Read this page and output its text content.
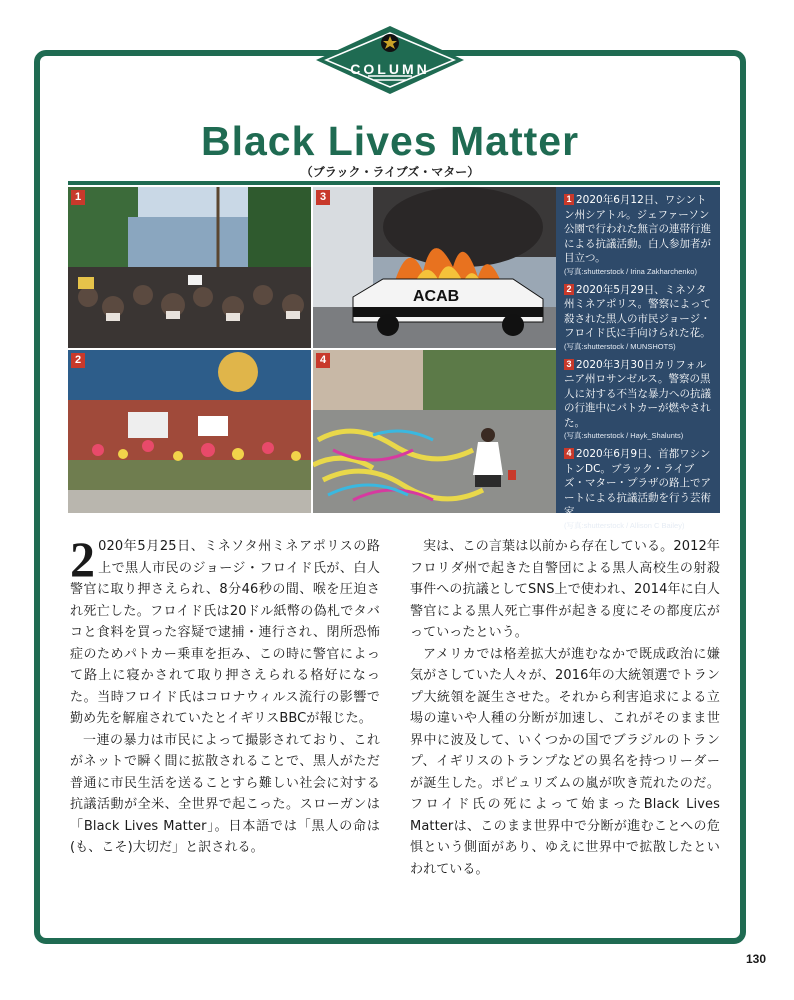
COLUMN
Black Lives Matter
（ブラック・ライブズ・マター）
1
2
ACAB
3
4
1 2020年6月12日、ワシントン州シアトル。ジェファーソン公園で行われた無言の連帯行進による抗議活動。白人参加者が目立つ。
(写真:shutterstock / Irina Zakharchenko)
2 2020年5月29日、ミネソタ州ミネアポリス。警察によって殺された黒人の市民ジョージ・フロイド氏に手向けられた花。
(写真:shutterstock / MUNSHOTS)
3 2020年3月30日カリフォルニア州ロサンゼルス。警察の黒人に対する不当な暴力への抗議の行進中にパトカーが燃やされた。
(写真:shutterstock / Hayk_Shalunts)
4 2020年6月9日、首都ワシントンDC。ブラック・ライブズ・マター・プラザの路上でアートによる抗議活動を行う芸術家。
(写真:shutterstock / Allison C Bailey)

2 020年5月25日、ミネソタ州ミネアポリスの路上で黒人市民のジョージ・フロイド氏が、白人警官に取り押さえられ、8分46秒の間、喉を圧迫され死亡した。フロイド氏は20ドル紙幣の偽札でタバコと食料を買った容疑で逮捕・連行され、閉所恐怖症のためパトカー乗車を拒み、この時に警官によって路上に寝かされて取り押さえられる格好になった。当時フロイド氏はコロナウィルス流行の影響で勤め先を解雇されていたとイギリスBBCが報じた。

一連の暴力は市民によって撮影されており、これがネットで瞬く間に拡散されることで、黒人がただ普通に市民生活を送ることすら難しい社会に対する抗議活動が全米、全世界で起こった。スローガンは「Black Lives Matter」。日本語では「黒人の命は(も、こそ)大切だ」と訳される。

実は、この言葉は以前から存在している。2012年フロリダ州で起きた自警団による黒人高校生の射殺事件への抗議としてSNS上で使われ、2014年に白人警官による黒人死亡事件が起きる度にその都度広がっていったという。

アメリカでは格差拡大が進むなかで既成政治に嫌気がさしていた人々が、2016年の大統領選でトランプ大統領を誕生させた。それから利害追求による立場の違いや人種の分断が加速し、これがそのまま世界中に波及して、いくつかの国でブラジルのトランプ、イギリスのトランプなどの異名を持つリーダーが誕生した。ポピュリズムの嵐が吹き荒れたのだ。フロイド氏の死によって始まったBlack Lives Matterは、このまま世界中で分断が進むことへの危惧という側面があり、ゆえに世界中で拡散したといわれている。

130
